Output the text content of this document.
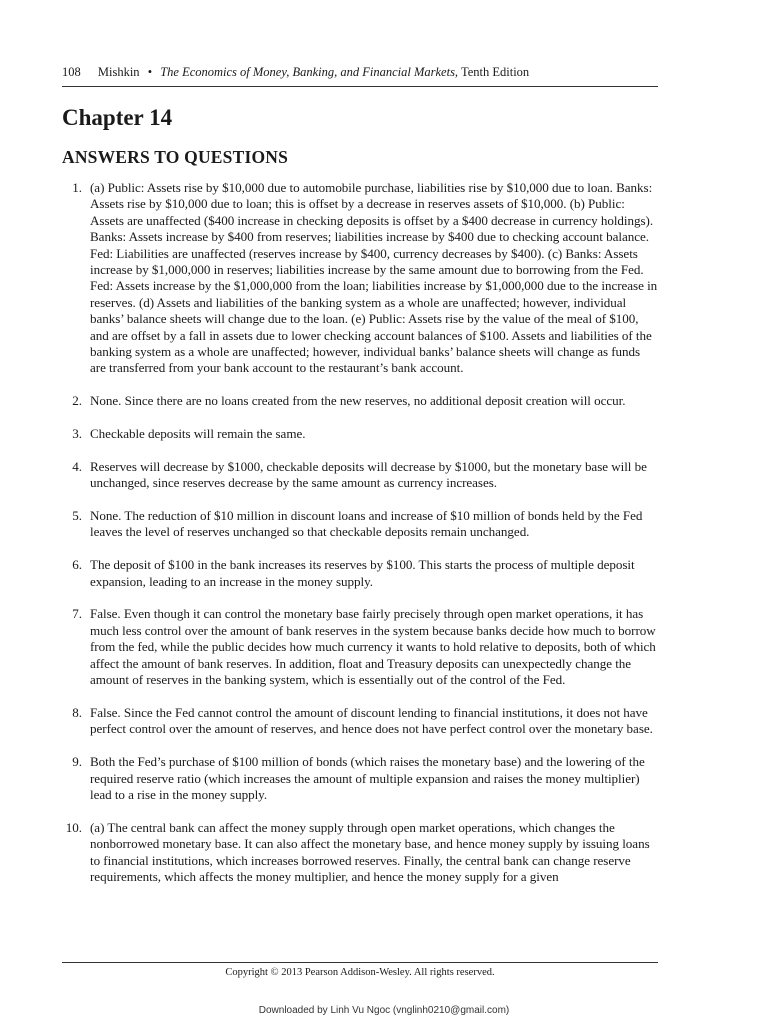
108 Mishkin • The Economics of Money, Banking, and Financial Markets, Tenth Edition
Chapter 14
ANSWERS TO QUESTIONS
1. (a) Public: Assets rise by $10,000 due to automobile purchase, liabilities rise by $10,000 due to loan. Banks: Assets rise by $10,000 due to loan; this is offset by a decrease in reserves assets of $10,000. (b) Public: Assets are unaffected ($400 increase in checking deposits is offset by a $400 decrease in currency holdings). Banks: Assets increase by $400 from reserves; liabilities increase by $400 due to checking account balance. Fed: Liabilities are unaffected (reserves increase by $400, currency decreases by $400). (c) Banks: Assets increase by $1,000,000 in reserves; liabilities increase by the same amount due to borrowing from the Fed. Fed: Assets increase by the $1,000,000 from the loan; liabilities increase by $1,000,000 due to the increase in reserves. (d) Assets and liabilities of the banking system as a whole are unaffected; however, individual banks’ balance sheets will change due to the loan. (e) Public: Assets rise by the value of the meal of $100, and are offset by a fall in assets due to lower checking account balances of $100. Assets and liabilities of the banking system as a whole are unaffected; however, individual banks’ balance sheets will change as funds are transferred from your bank account to the restaurant’s bank account.
2. None. Since there are no loans created from the new reserves, no additional deposit creation will occur.
3. Checkable deposits will remain the same.
4. Reserves will decrease by $1000, checkable deposits will decrease by $1000, but the monetary base will be unchanged, since reserves decrease by the same amount as currency increases.
5. None. The reduction of $10 million in discount loans and increase of $10 million of bonds held by the Fed leaves the level of reserves unchanged so that checkable deposits remain unchanged.
6. The deposit of $100 in the bank increases its reserves by $100. This starts the process of multiple deposit expansion, leading to an increase in the money supply.
7. False. Even though it can control the monetary base fairly precisely through open market operations, it has much less control over the amount of bank reserves in the system because banks decide how much to borrow from the fed, while the public decides how much currency it wants to hold relative to deposits, both of which affect the amount of bank reserves. In addition, float and Treasury deposits can unexpectedly change the amount of reserves in the banking system, which is essentially out of the control of the Fed.
8. False. Since the Fed cannot control the amount of discount lending to financial institutions, it does not have perfect control over the amount of reserves, and hence does not have perfect control over the monetary base.
9. Both the Fed’s purchase of $100 million of bonds (which raises the monetary base) and the lowering of the required reserve ratio (which increases the amount of multiple expansion and raises the money multiplier) lead to a rise in the money supply.
10. (a) The central bank can affect the money supply through open market operations, which changes the nonborrowed monetary base. It can also affect the monetary base, and hence money supply by issuing loans to financial institutions, which increases borrowed reserves. Finally, the central bank can change reserve requirements, which affects the money multiplier, and hence the money supply for a given
Copyright © 2013 Pearson Addison-Wesley. All rights reserved.
Downloaded by Linh Vu Ngoc (vnglinh0210@gmail.com)
